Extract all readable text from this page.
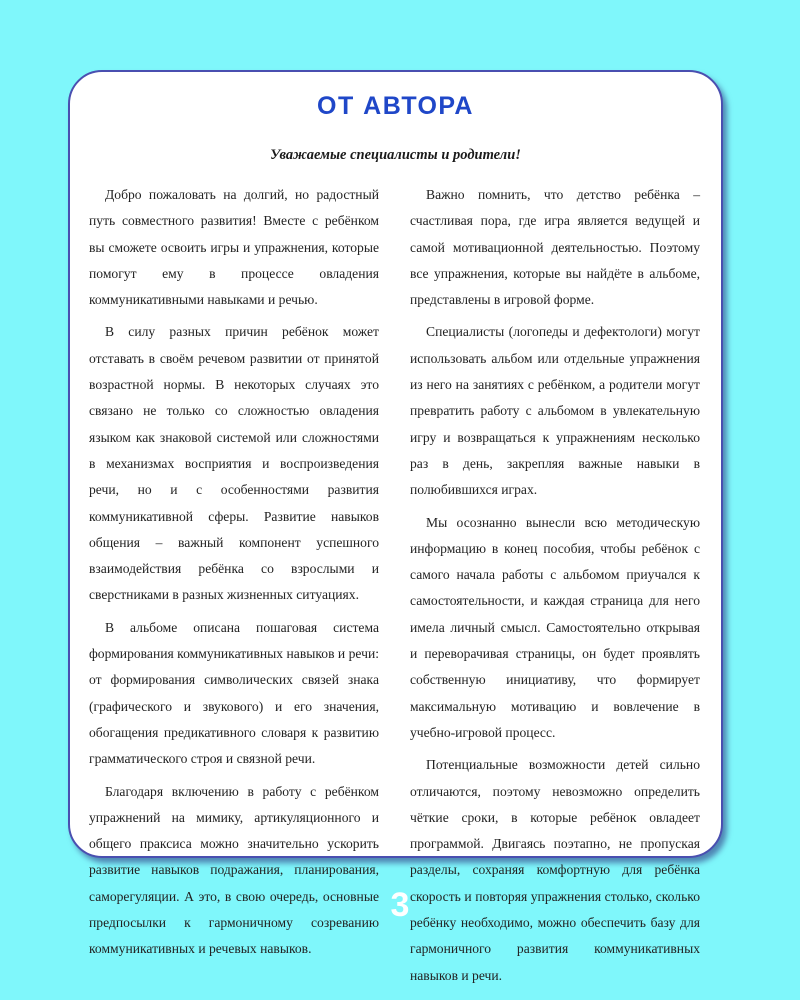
ОТ АВТОРА
Уважаемые специалисты и родители!

Добро пожаловать на долгий, но радостный путь совместного развития! Вместе с ребёнком вы сможете освоить игры и упражнения, которые помогут ему в процессе овладения коммуникативными навыками и речью.

В силу разных причин ребёнок может отставать в своём речевом развитии от принятой возрастной нормы. В некоторых случаях это связано не только со сложностью овладения языком как знаковой системой или сложностями в механизмах восприятия и воспроизведения речи, но и с особенностями развития коммуникативной сферы. Развитие навыков общения – важный компонент успешного взаимодействия ребёнка со взрослыми и сверстниками в разных жизненных ситуациях.

В альбоме описана пошаговая система формирования коммуникативных навыков и речи: от формирования символических связей знака (графического и звукового) и его значения, обогащения предикативного словаря к развитию грамматического строя и связной речи.

Благодаря включению в работу с ребёнком упражнений на мимику, артикуляционного и общего праксиса можно значительно ускорить развитие навыков подражания, планирования, саморегуляции. А это, в свою очередь, основные предпосылки к гармоничному созреванию коммуникативных и речевых навыков.

Важно помнить, что детство ребёнка – счастливая пора, где игра является ведущей и самой мотивационной деятельностью. Поэтому все упражнения, которые вы найдёте в альбоме, представлены в игровой форме.

Специалисты (логопеды и дефектологи) могут использовать альбом или отдельные упражнения из него на занятиях с ребёнком, а родители могут превратить работу с альбомом в увлекательную игру и возвращаться к упражнениям несколько раз в день, закрепляя важные навыки в полюбившихся играх.

Мы осознанно вынесли всю методическую информацию в конец пособия, чтобы ребёнок с самого начала работы с альбомом приучался к самостоятельности, и каждая страница для него имела личный смысл. Самостоятельно открывая и переворачивая страницы, он будет проявлять собственную инициативу, что формирует максимальную мотивацию и вовлечение в учебно-игровой процесс.

Потенциальные возможности детей сильно отличаются, поэтому невозможно определить чёткие сроки, в которые ребёнок овладеет программой. Двигаясь поэтапно, не пропуская разделы, сохраняя комфортную для ребёнка скорость и повторяя упражнения столько, сколько ребёнку необходимо, можно обеспечить базу для гармоничного развития коммуникативных навыков и речи.

3
